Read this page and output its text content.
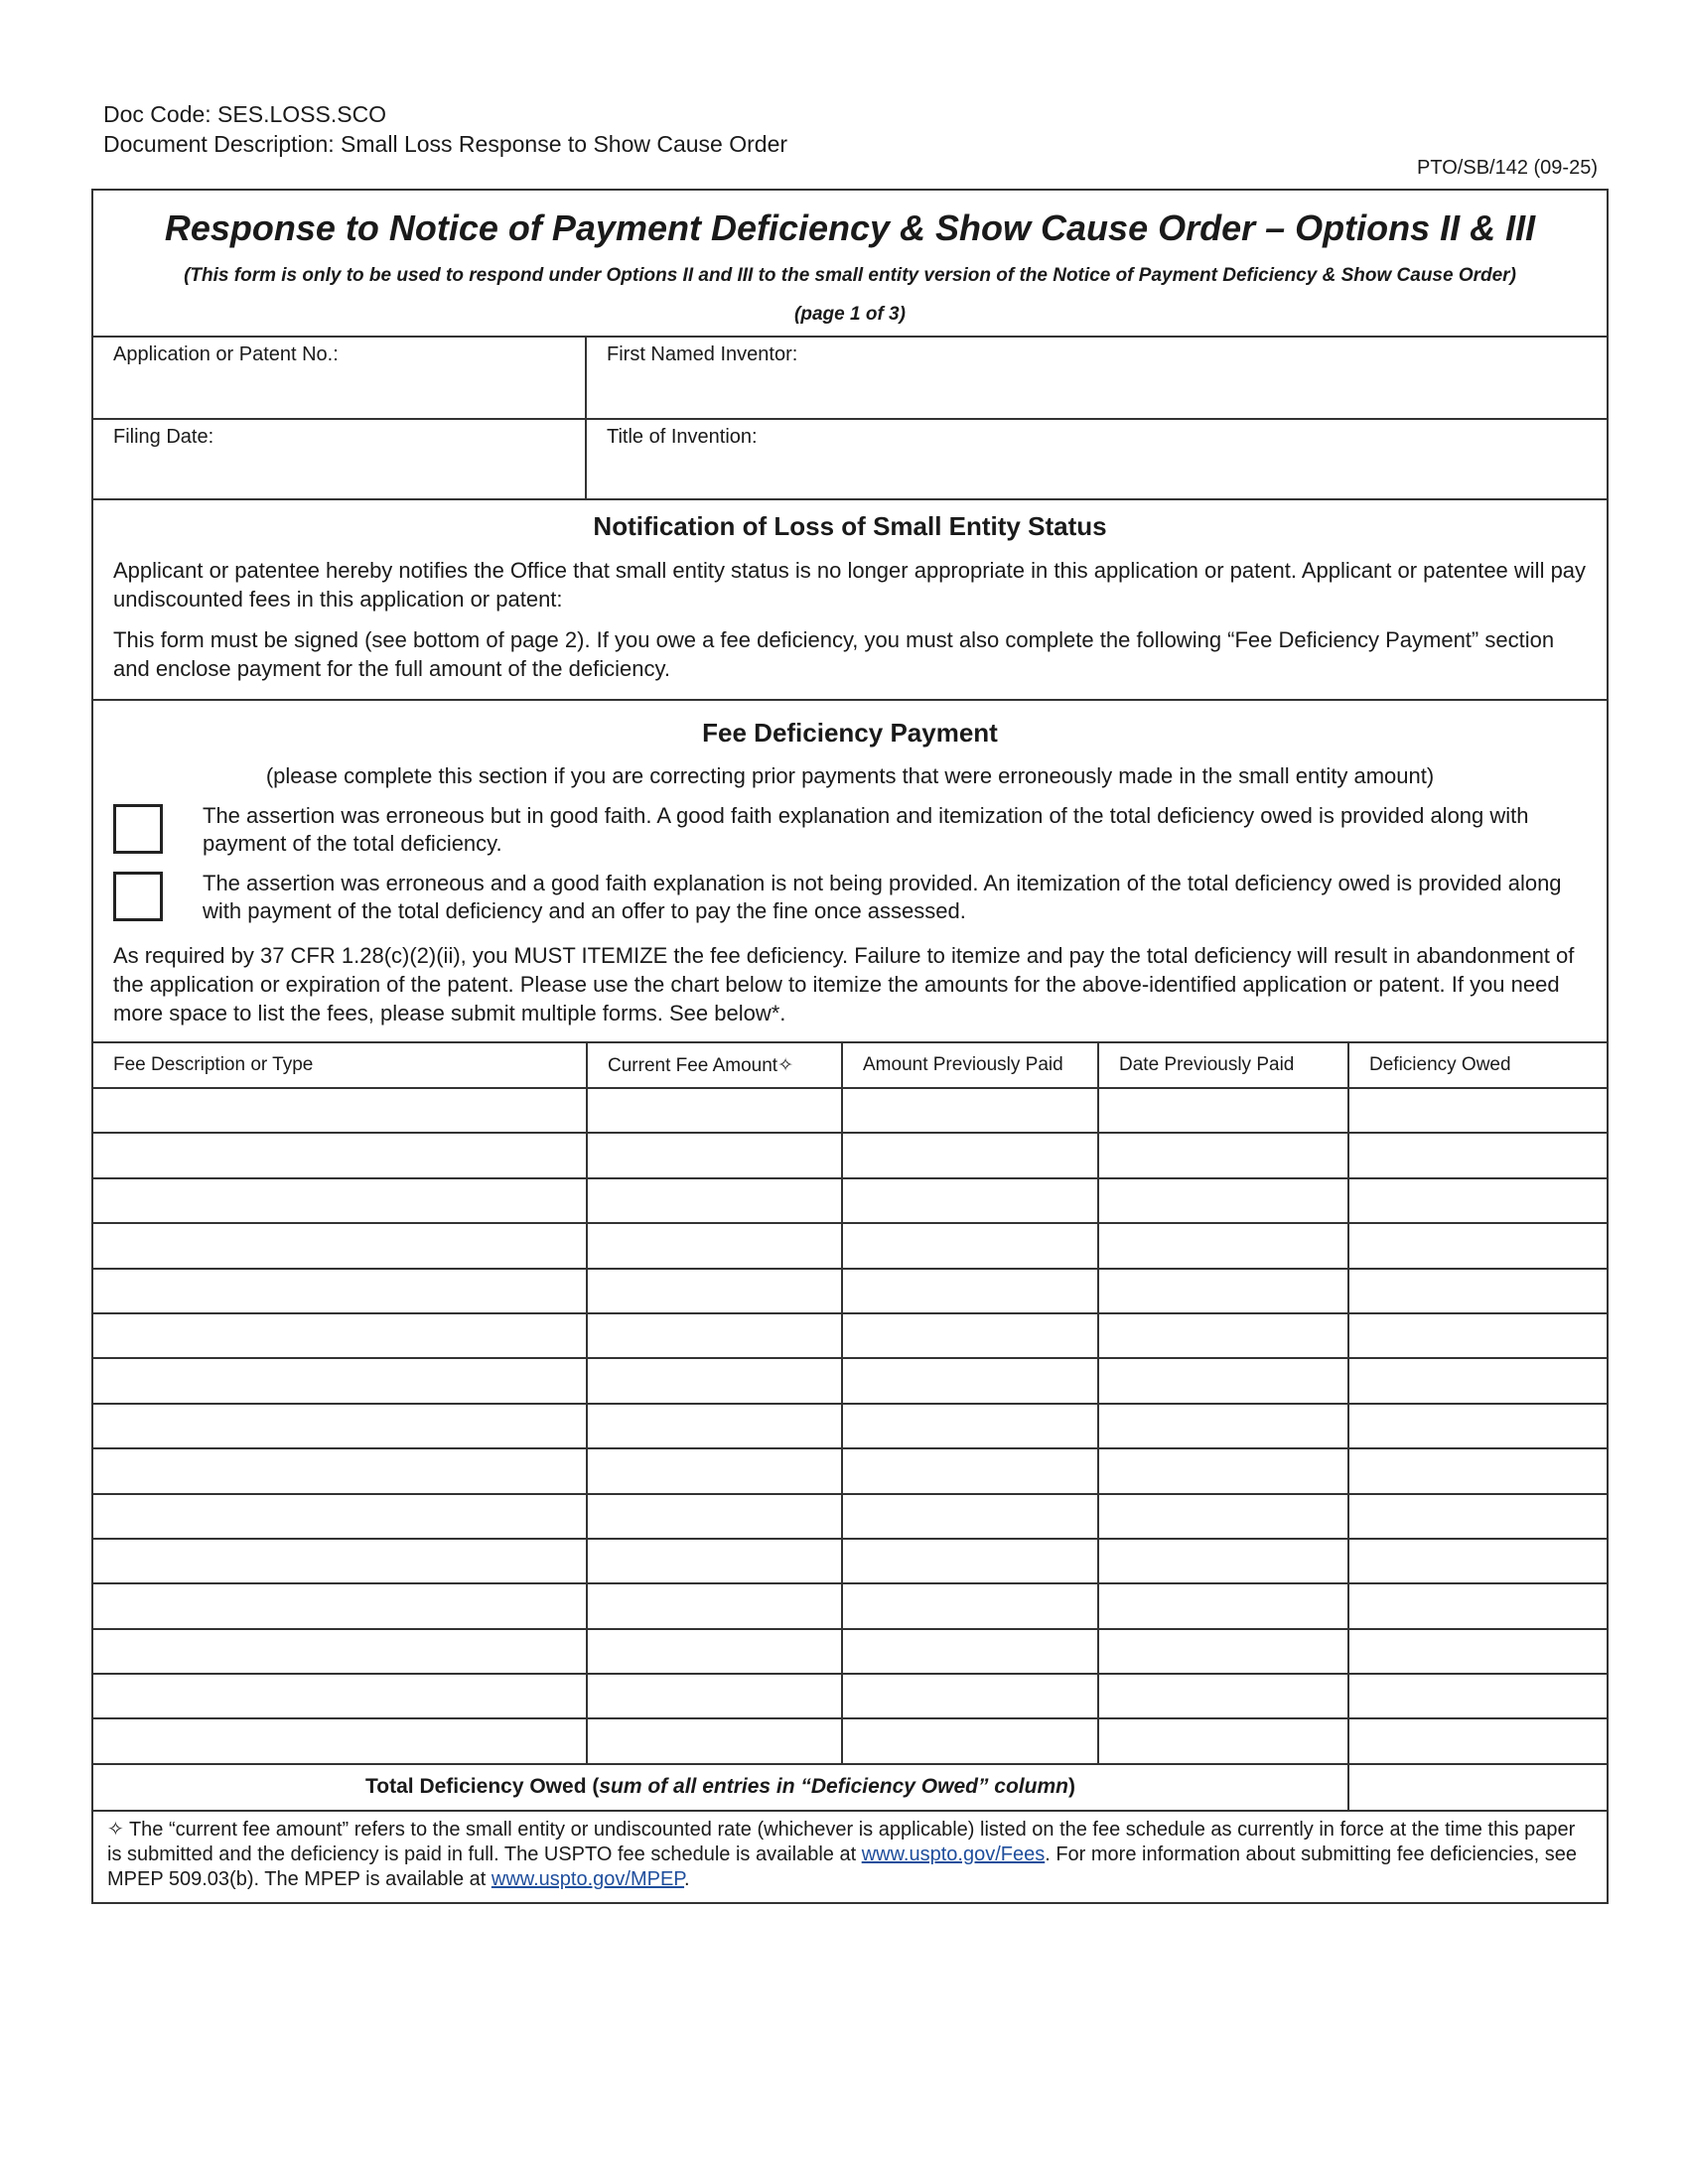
Doc Code: SES.LOSS.SCO
Document Description: Small Loss Response to Show Cause Order
PTO/SB/142 (09-25)
Response to Notice of Payment Deficiency & Show Cause Order – Options II & III
(This form is only to be used to respond under Options II and III to the small entity version of the Notice of Payment Deficiency & Show Cause Order)
(page 1 of 3)
Application or Patent No.:	First Named Inventor:
Filing Date:	Title of Invention:
Notification of Loss of Small Entity Status
Applicant or patentee hereby notifies the Office that small entity status is no longer appropriate in this application or patent. Applicant or patentee will pay undiscounted fees in this application or patent:
This form must be signed (see bottom of page 2). If you owe a fee deficiency, you must also complete the following “Fee Deficiency Payment” section and enclose payment for the full amount of the deficiency.
Fee Deficiency Payment
(please complete this section if you are correcting prior payments that were erroneously made in the small entity amount)
The assertion was erroneous but in good faith. A good faith explanation and itemization of the total deficiency owed is provided along with payment of the total deficiency.
The assertion was erroneous and a good faith explanation is not being provided. An itemization of the total deficiency owed is provided along with payment of the total deficiency and an offer to pay the fine once assessed.
As required by 37 CFR 1.28(c)(2)(ii), you MUST ITEMIZE the fee deficiency. Failure to itemize and pay the total deficiency will result in abandonment of the application or expiration of the patent. Please use the chart below to itemize the amounts for the above-identified application or patent. If you need more space to list the fees, please submit multiple forms. See below*.
Fee Description or Type	Current Fee Amount✧	Amount Previously Paid	Date Previously Paid	Deficiency Owed

Total Deficiency Owed (sum of all entries in “Deficiency Owed” column)				
✧ The “current fee amount” refers to the small entity or undiscounted rate (whichever is applicable) listed on the fee schedule as currently in force at the time this paper is submitted and the deficiency is paid in full. The USPTO fee schedule is available at www.uspto.gov/Fees. For more information about submitting fee deficiencies, see MPEP 509.03(b). The MPEP is available at www.uspto.gov/MPEP.
